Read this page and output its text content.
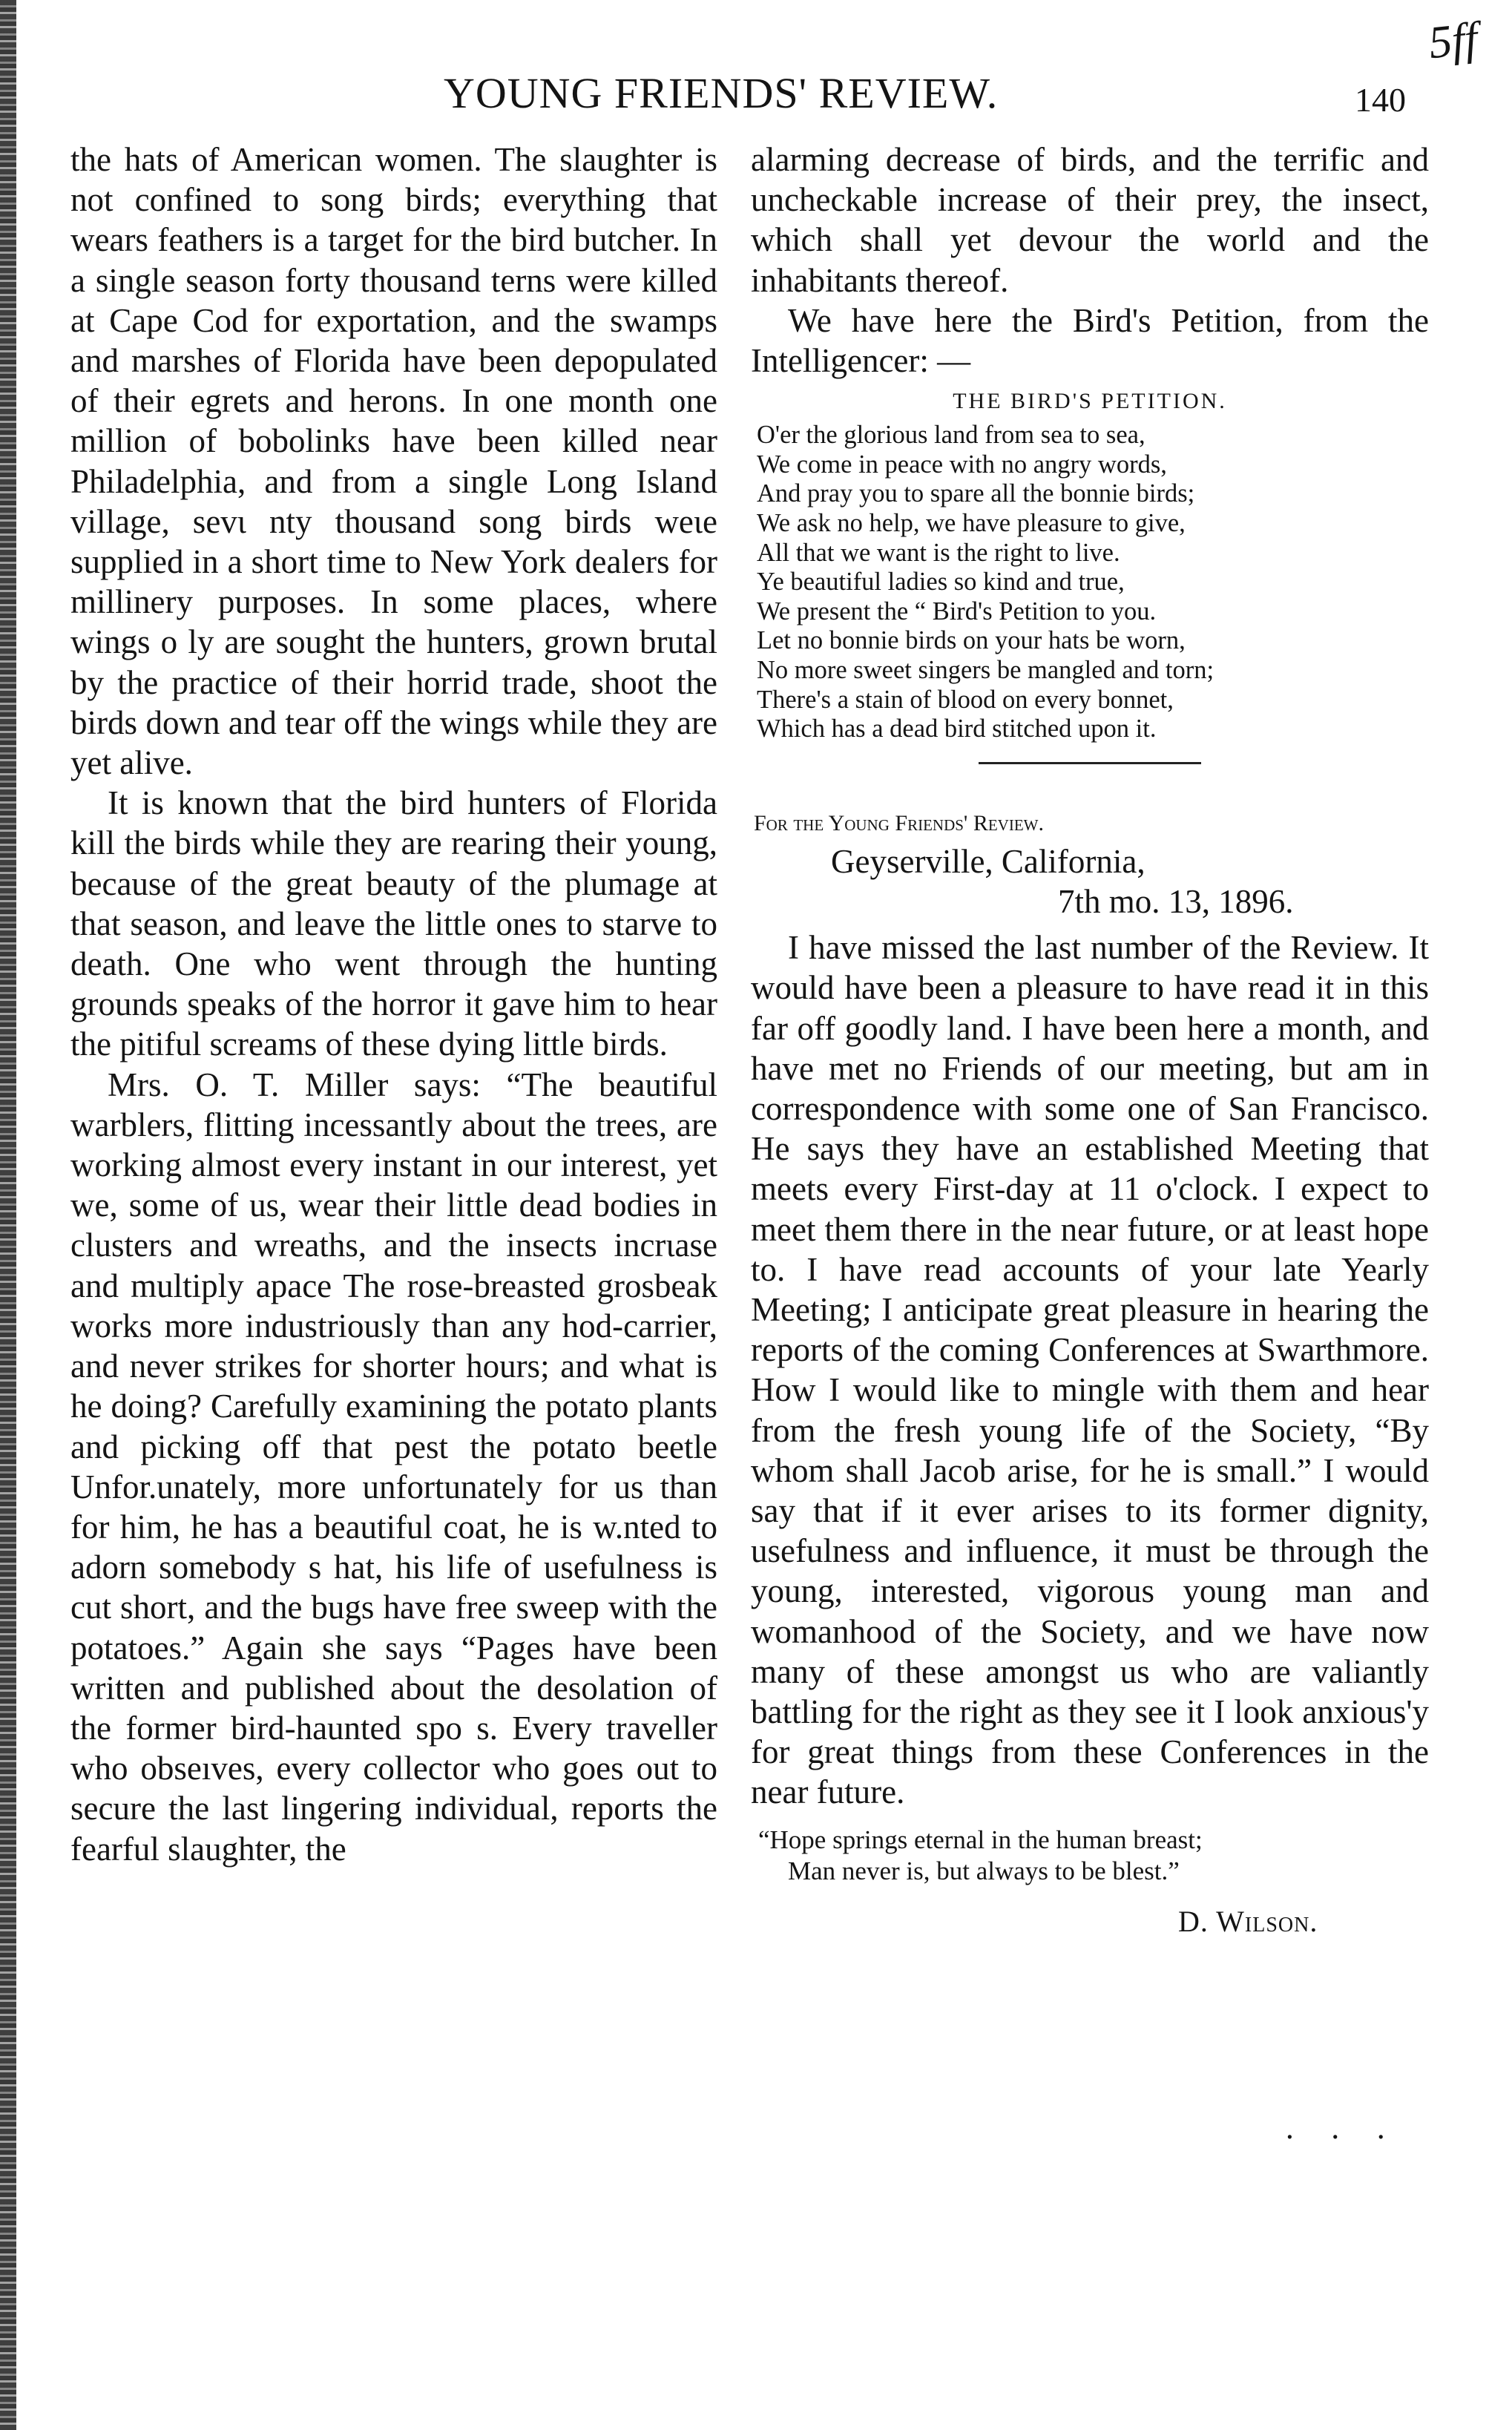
YOUNG FRIENDS' REVIEW.	140
5ff

the hats of American women. The slaughter is not confined to song birds; everything that wears feathers is a target for the bird butcher. In a single season forty thousand terns were killed at Cape Cod for exportation, and the swamps and marshes of Florida have been depopulated of their egrets and herons. In one month one million of bobolinks have been killed near Philadelphia, and from a single Long Island village, sevι nty thousand song birds weιe supplied in a short time to New York dealers for millinery purposes. In some places, where wings o ly are sought the hunters, grown brutal by the practice of their horrid trade, shoot the birds down and tear off the wings while they are yet alive.

It is known that the bird hunters of Florida kill the birds while they are rearing their young, because of the great beauty of the plumage at that season, and leave the little ones to starve to death. One who went through the hunting grounds speaks of the horror it gave him to hear the pitiful screams of these dying little birds.

Mrs. O. T. Miller says: “The beautiful warblers, flitting incessantly about the trees, are working almost every instant in our interest, yet we, some of us, wear their little dead bodies in clusters and wreaths, and the insects incrιase and multiply apace The rose-breasted grosbeak works more industriously than any hod-carrier, and never strikes for shorter hours; and what is he doing? Carefully examining the potato plants and picking off that pest the potato beetle Unfor.unately, more unfortunately for us than for him, he has a beautiful coat, he is w.nted to adorn somebody s hat, his life of usefulness is cut short, and the bugs have free sweep with the potatoes.” Again she says “Pages have been written and published about the desolation of the former bird-haunted spo s. Every traveller who obseıves, every collector who goes out to secure the last lingering individual, reports the fearful slaughter, the

alarming decrease of birds, and the terrific and uncheckable increase of their prey, the insect, which shall yet devour the world and the inhabitants thereof.

We have here the Bird's Petition, from the Intelligencer: —

THE BIRD'S PETITION.
O'er the glorious land from sea to sea,
We come in peace with no angry words,
And pray you to spare all the bonnie birds;
We ask no help, we have pleasure to give,
All that we want is the right to live.
Ye beautiful ladies so kind and true,
We present the “ Bird's Petition to you.
Let no bonnie birds on your hats be worn,
No more sweet singers be mangled and torn;
There's a stain of blood on every bonnet,
Which has a dead bird stitched upon it.
For the Young Friends' Review.
Geyserville, California,
7th mo. 13, 1896.

I have missed the last number of the Review. It would have been a pleasure to have read it in this far off goodly land. I have been here a month, and have met no Friends of our meeting, but am in correspondence with some one of San Francisco. He says they have an established Meeting that meets every First-day at 11 o'clock. I expect to meet them there in the near future, or at least hope to. I have read accounts of your late Yearly Meeting; I anticipate great pleasure in hearing the reports of the coming Conferences at Swarthmore. How I would like to mingle with them and hear from the fresh young life of the Society, “By whom shall Jacob arise, for he is small.” I would say that if it ever arises to its former dignity, usefulness and influence, it must be through the young, interested, vigorous young man and womanhood of the Society, and we have now many of these amongst us who are valiantly battling for the right as they see it I look anxious'y for great things from these Conferences in the near future.

“Hope springs eternal in the human breast;
Man never is, but always to be blest.”
D. Wilson.
. . .
